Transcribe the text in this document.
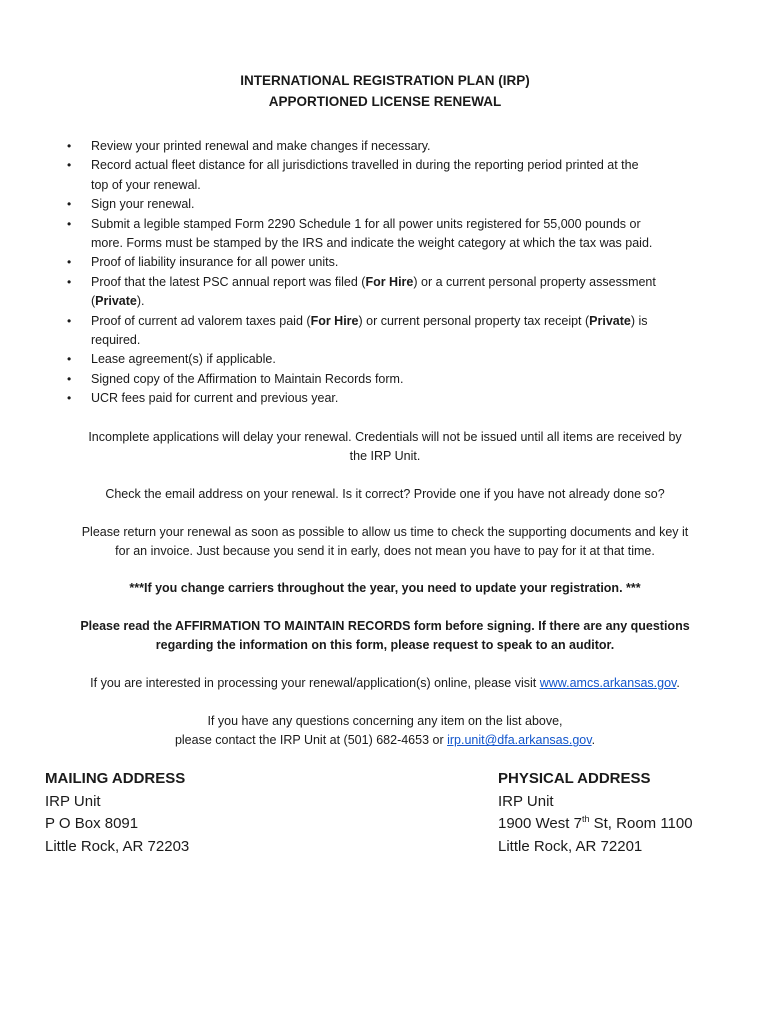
INTERNATIONAL REGISTRATION PLAN (IRP)
APPORTIONED LICENSE RENEWAL
• Review your printed renewal and make changes if necessary.
• Record actual fleet distance for all jurisdictions travelled in during the reporting period printed at the
top of your renewal.
• Sign your renewal.
• Submit a legible stamped Form 2290 Schedule 1 for all power units registered for 55,000 pounds or
more. Forms must be stamped by the IRS and indicate the weight category at which the tax was paid.
• Proof of liability insurance for all power units.
• Proof that the latest PSC annual report was filed (For Hire) or a current personal property assessment
(Private).
• Proof of current ad valorem taxes paid (For Hire) or current personal property tax receipt (Private) is
required.
• Lease agreement(s) if applicable.
• Signed copy of the Affirmation to Maintain Records form.
• UCR fees paid for current and previous year.

Incomplete applications will delay your renewal. Credentials will not be issued until all items are received by
the IRP Unit.

Check the email address on your renewal. Is it correct? Provide one if you have not already done so?

Please return your renewal as soon as possible to allow us time to check the supporting documents and key it
for an invoice. Just because you send it in early, does not mean you have to pay for it at that time.

***If you change carriers throughout the year, you need to update your registration. ***

Please read the AFFIRMATION TO MAINTAIN RECORDS form before signing. If there are any questions
regarding the information on this form, please request to speak to an auditor.

If you are interested in processing your renewal/application(s) online, please visit www.amcs.arkansas.gov.

If you have any questions concerning any item on the list above,
please contact the IRP Unit at (501) 682-4653 or irp.unit@dfa.arkansas.gov.

MAILING ADDRESS
IRP Unit
P O Box 8091
Little Rock, AR 72203
PHYSICAL ADDRESS
IRP Unit
1900 West 7th St, Room 1100
Little Rock, AR 72201
